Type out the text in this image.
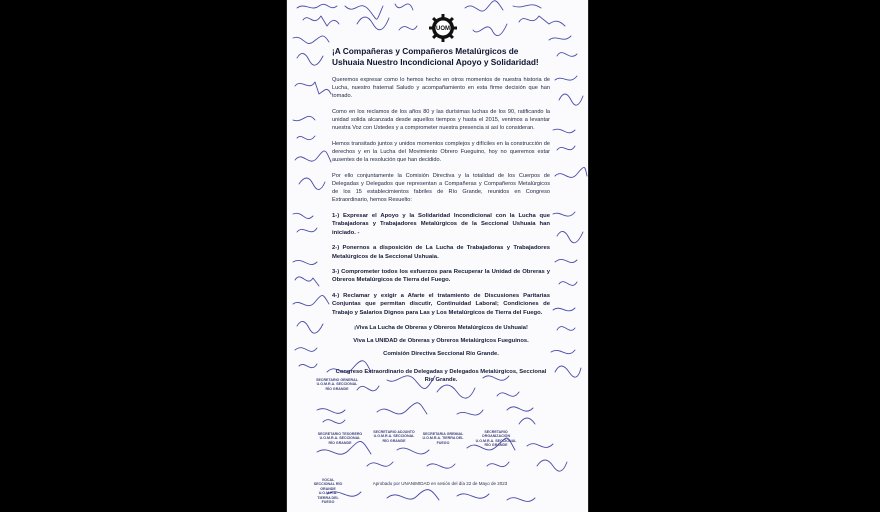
UOM
¡A Compañeras y Compañeros Metalúrgicos de Ushuaia Nuestro Incondicional Apoyo y Solidaridad!
Queremos expresar como lo hemos hecho en otros momentos de nuestra historia de Lucha, nuestro fraternal Saludo y acompañamiento en esta firme decisión que han tomado.
Como en los reclamos de los años 80 y las durísimas luchas de los 90, ratificando la unidad solida alcanzada desde aquellos tiempos y hasta el 2015, venimos a levantar nuestra Voz con Ustedes y a comprometer nuestra presencia si así lo consideran.
Hemos transitado juntos y unidos momentos complejos y difíciles en la construcción de derechos y en la Lucha del Movimiento Obrero Fueguino, hoy no queremos estar ausentes de la resolución que han decidido.
Por ello conjuntamente la Comisión Directiva y la totalidad de los Cuerpos de Delegadas y Delegados que representan a Compañeras y Compañeros Metalúrgicos de los 15 establecimientos fabriles de Río Grande, reunidos en Congreso Extraordinario, hemos Resuelto:
1-) Expresar el Apoyo y la Solidaridad Incondicional con la Lucha que Trabajadoras y Trabajadores Metalúrgicos de la Seccional Ushuaia han iniciado. -
2-) Ponernos a disposición de La Lucha de Trabajadoras y Trabajadores Metalúrgicos de la Seccional Ushuaia.
3-) Comprometer todos los esfuerzos para Recuperar la Unidad de Obreras y Obreros Metalúrgicos de Tierra del Fuego.
4-) Reclamar y exigir a Afarte el tratamiento de Discusiones Paritarias Conjuntas que permitan discutir, Continuidad Laboral; Condiciones de Trabajo y Salarios Dignos para Las y Los Metalúrgicos de Tierra del Fuego.
¡Viva La Lucha de Obreras y Obreros Metalúrgicos de Ushuaia!
Viva La UNIDAD de Obreras y Obreros Metalúrgicos Fueguinos.
Comisión Directiva Seccional Río Grande.
Congreso Extraordinario de Delegadas y Delegados Metalúrgicos, Seccional Río Grande.
SECRETARIO GENERAL U.O.M.R.A. SECCIONAL RÍO GRANDE
SECRETARIO ADJUNTO U.O.M.R.A. SECCIONAL RÍO GRANDE
SECRETARIA GREMIAL U.O.M.R.A. TIERRA DEL FUEGO
SECRETARIO ORGANIZACIÓN U.O.M.R.A. SECCIONAL RÍO GRANDE
SECRETARIO TESORERO U.O.M.R.A. SECCIONAL RÍO GRANDE
VOCAL SECCIONAL RÍO GRANDE U.O.M.R.A. TIERRA DEL FUEGO
Aprobado por UNANIMIDAD en sesión del día 22 de Mayo de 2023
